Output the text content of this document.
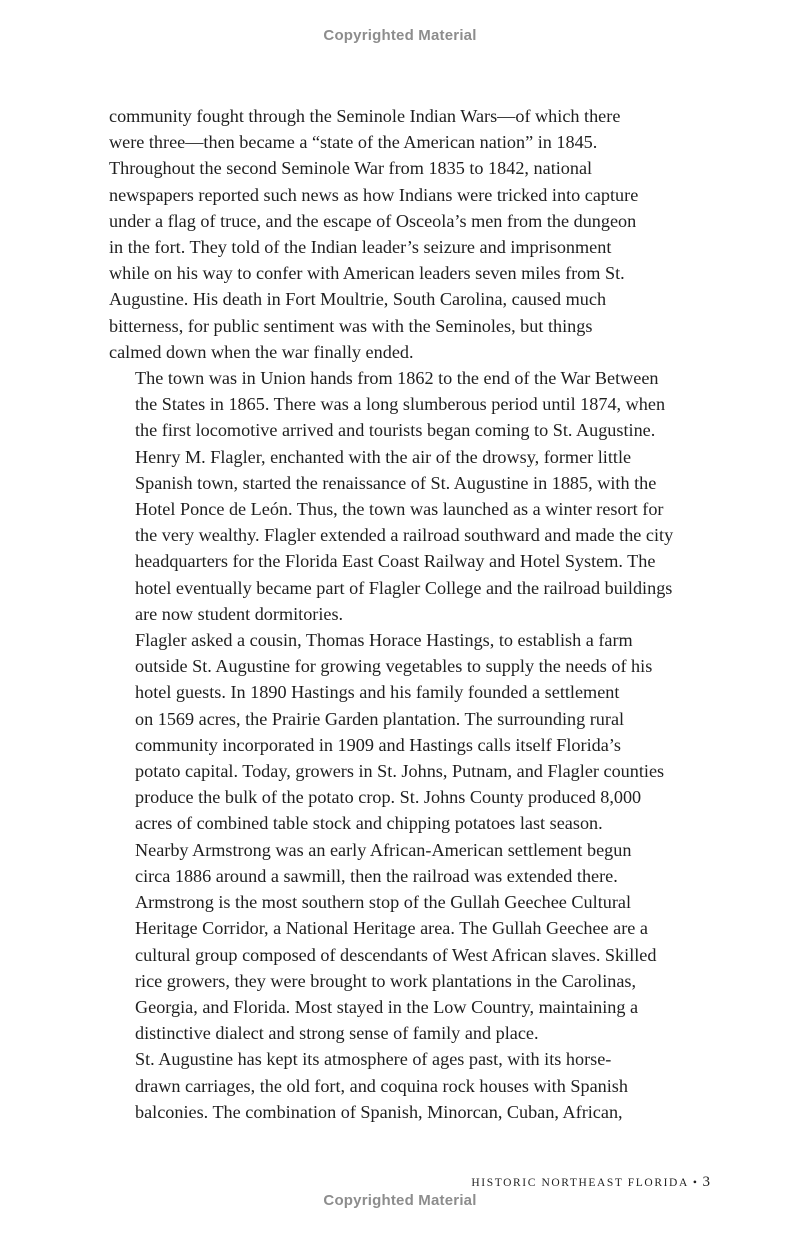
Copyrighted Material

community fought through the Seminole Indian Wars—of which there
were three—then became a “state of the American nation” in 1845.
Throughout the second Seminole War from 1835 to 1842, national
newspapers reported such news as how Indians were tricked into capture
under a flag of truce, and the escape of Osceola’s men from the dungeon
in the fort. They told of the Indian leader’s seizure and imprisonment
while on his way to confer with American leaders seven miles from St.
Augustine. His death in Fort Moultrie, South Carolina, caused much
bitterness, for public sentiment was with the Seminoles, but things
calmed down when the war finally ended.

The town was in Union hands from 1862 to the end of the War Between
the States in 1865. There was a long slumberous period until 1874, when
the first locomotive arrived and tourists began coming to St. Augustine.

Henry M. Flagler, enchanted with the air of the drowsy, former little
Spanish town, started the renaissance of St. Augustine in 1885, with the
Hotel Ponce de León. Thus, the town was launched as a winter resort for
the very wealthy. Flagler extended a railroad southward and made the city
headquarters for the Florida East Coast Railway and Hotel System. The
hotel eventually became part of Flagler College and the railroad buildings
are now student dormitories.

Flagler asked a cousin, Thomas Horace Hastings, to establish a farm
outside St. Augustine for growing vegetables to supply the needs of his
hotel guests. In 1890 Hastings and his family founded a settlement
on 1569 acres, the Prairie Garden plantation. The surrounding rural
community incorporated in 1909 and Hastings calls itself Florida’s
potato capital. Today, growers in St. Johns, Putnam, and Flagler counties
produce the bulk of the potato crop. St. Johns County produced 8,000
acres of combined table stock and chipping potatoes last season.

Nearby Armstrong was an early African-American settlement begun
circa 1886 around a sawmill, then the railroad was extended there.
Armstrong is the most southern stop of the Gullah Geechee Cultural
Heritage Corridor, a National Heritage area. The Gullah Geechee are a
cultural group composed of descendants of West African slaves. Skilled
rice growers, they were brought to work plantations in the Carolinas,
Georgia, and Florida. Most stayed in the Low Country, maintaining a
distinctive dialect and strong sense of family and place.

St. Augustine has kept its atmosphere of ages past, with its horse-
drawn carriages, the old fort, and coquina rock houses with Spanish
balconies. The combination of Spanish, Minorcan, Cuban, African,

HISTORIC NORTHEAST FLORIDA • 3
Copyrighted Material
